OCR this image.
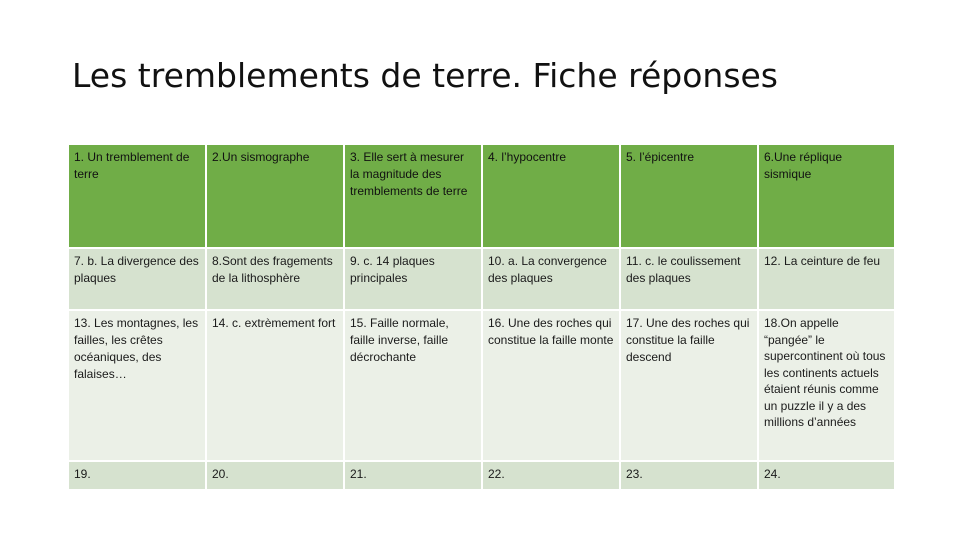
Les tremblements de terre. Fiche réponses
1. Un tremblement de terre	2.Un sismographe	3. Elle sert à mesurer la magnitude des tremblements de terre	4. l’hypocentre	5. l’épicentre	6.Une réplique sismique
7. b. La divergence des plaques	8.Sont des fragements de la lithosphère	9. c. 14 plaques principales	10. a. La convergence des plaques	11. c. le coulissement des plaques	12. La ceinture de feu
13. Les montagnes, les failles, les crêtes océaniques, des falaises…	14. c. extrèmement fort	15. Faille normale, faille inverse, faille décrochante	16. Une des roches qui constitue la faille monte	17. Une des roches qui constitue la faille descend	18.On appelle “pangée” le supercontinent où tous les continents actuels étaient réunis comme un puzzle il y a des millions d’années
19.	20.	21.	22.	23.	24.
